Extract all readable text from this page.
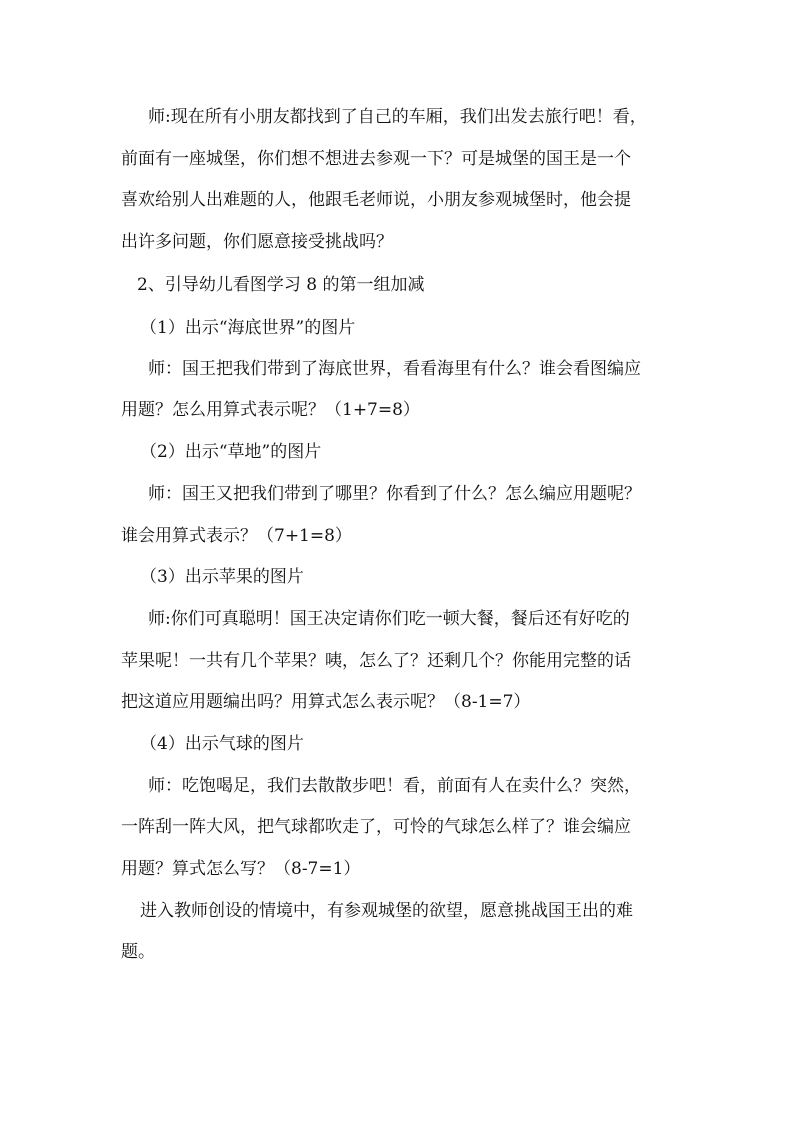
师:现在所有小朋友都找到了自己的车厢，我们出发去旅行吧！看，
前面有一座城堡，你们想不想进去参观一下？可是城堡的国王是一个
喜欢给别人出难题的人，他跟毛老师说，小朋友参观城堡时，他会提
出许多问题，你们愿意接受挑战吗？
2、引导幼儿看图学习 8 的第一组加减
（1）出示“海底世界”的图片
师：国王把我们带到了海底世界，看看海里有什么？谁会看图编应
用题？怎么用算式表示呢？（1+7=8）
（2）出示“草地”的图片
师：国王又把我们带到了哪里？你看到了什么？怎么编应用题呢？
谁会用算式表示？（7+1=8）
（3）出示苹果的图片
师:你们可真聪明！国王决定请你们吃一顿大餐，餐后还有好吃的
苹果呢！一共有几个苹果？咦，怎么了？还剩几个？你能用完整的话
把这道应用题编出吗？用算式怎么表示呢？（8-1=7）
（4）出示气球的图片
师：吃饱喝足，我们去散散步吧！看，前面有人在卖什么？突然，
一阵刮一阵大风，把气球都吹走了，可怜的气球怎么样了？谁会编应
用题？算式怎么写？（8-7=1）
进入教师创设的情境中，有参观城堡的欲望，愿意挑战国王出的难
题。
